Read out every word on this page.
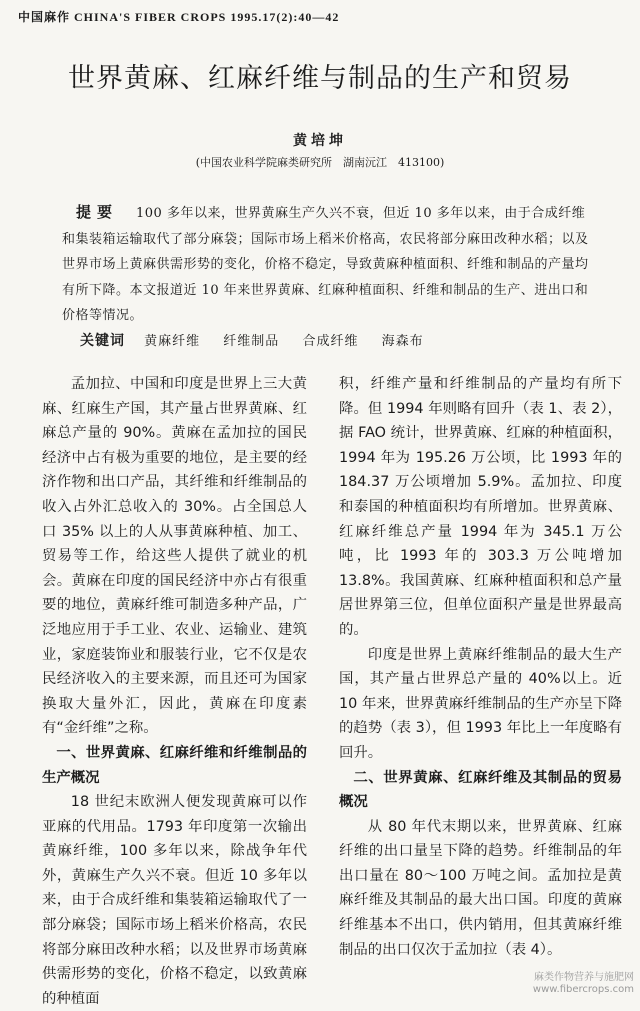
中国麻作 CHINA'S FIBER CROPS 1995.17(2):40—42
世界黄麻、红麻纤维与制品的生产和贸易
黄培坤
(中国农业科学院麻类研究所　湖南沅江　413100)
提要 100 多年以来，世界黄麻生产久兴不衰，但近 10 多年以来，由于合成纤维和集装箱运输取代了部分麻袋；国际市场上稻米价格高，农民将部分麻田改种水稻；以及世界市场上黄麻供需形势的变化，价格不稳定，导致黄麻种植面积、纤维和制品的产量均有所下降。本文报道近 10 年来世界黄麻、红麻种植面积、纤维和制品的生产、进出口和价格等情况。
关键词 黄麻纤维 纤维制品 合成纤维 海森布

孟加拉、中国和印度是世界上三大黄麻、红麻生产国，其产量占世界黄麻、红麻总产量的 90%。黄麻在孟加拉的国民经济中占有极为重要的地位，是主要的经济作物和出口产品，其纤维和纤维制品的收入占外汇总收入的 30%。占全国总人口 35% 以上的人从事黄麻种植、加工、贸易等工作，给这些人提供了就业的机会。黄麻在印度的国民经济中亦占有很重要的地位，黄麻纤维可制造多种产品，广泛地应用于手工业、农业、运输业、建筑业，家庭装饰业和服装行业，它不仅是农民经济收入的主要来源，而且还可为国家换取大量外汇，因此，黄麻在印度素有“金纤维”之称。

一、世界黄麻、红麻纤维和纤维制品的生产概况

18 世纪末欧洲人便发现黄麻可以作亚麻的代用品。1793 年印度第一次输出黄麻纤维，100 多年以来，除战争年代外，黄麻生产久兴不衰。但近 10 多年以来，由于合成纤维和集装箱运输取代了一部分麻袋；国际市场上稻米价格高，农民将部分麻田改种水稻；以及世界市场黄麻供需形势的变化，价格不稳定，以致黄麻的种植面

积，纤维产量和纤维制品的产量均有所下降。但 1994 年则略有回升（表 1、表 2），据 FAO 统计，世界黄麻、红麻的种植面积，1994 年为 195.26 万公顷，比 1993 年的 184.37 万公顷增加 5.9%。孟加拉、印度和泰国的种植面积均有所增加。世界黄麻、红麻纤维总产量 1994 年为 345.1 万公吨，比 1993 年的 303.3 万公吨增加 13.8%。我国黄麻、红麻种植面积和总产量居世界第三位，但单位面积产量是世界最高的。

印度是世界上黄麻纤维制品的最大生产国，其产量占世界总产量的 40%以上。近 10 年来，世界黄麻纤维制品的生产亦呈下降的趋势（表 3），但 1993 年比上一年度略有回升。

二、世界黄麻、红麻纤维及其制品的贸易概况

从 80 年代末期以来，世界黄麻、红麻纤维的出口量呈下降的趋势。纤维制品的年出口量在 80～100 万吨之间。孟加拉是黄麻纤维及其制品的最大出口国。印度的黄麻纤维基本不出口，供内销用，但其黄麻纤维制品的出口仅次于孟加拉（表 4）。

麻类作物营养与施肥网
www.fibercrops.com
